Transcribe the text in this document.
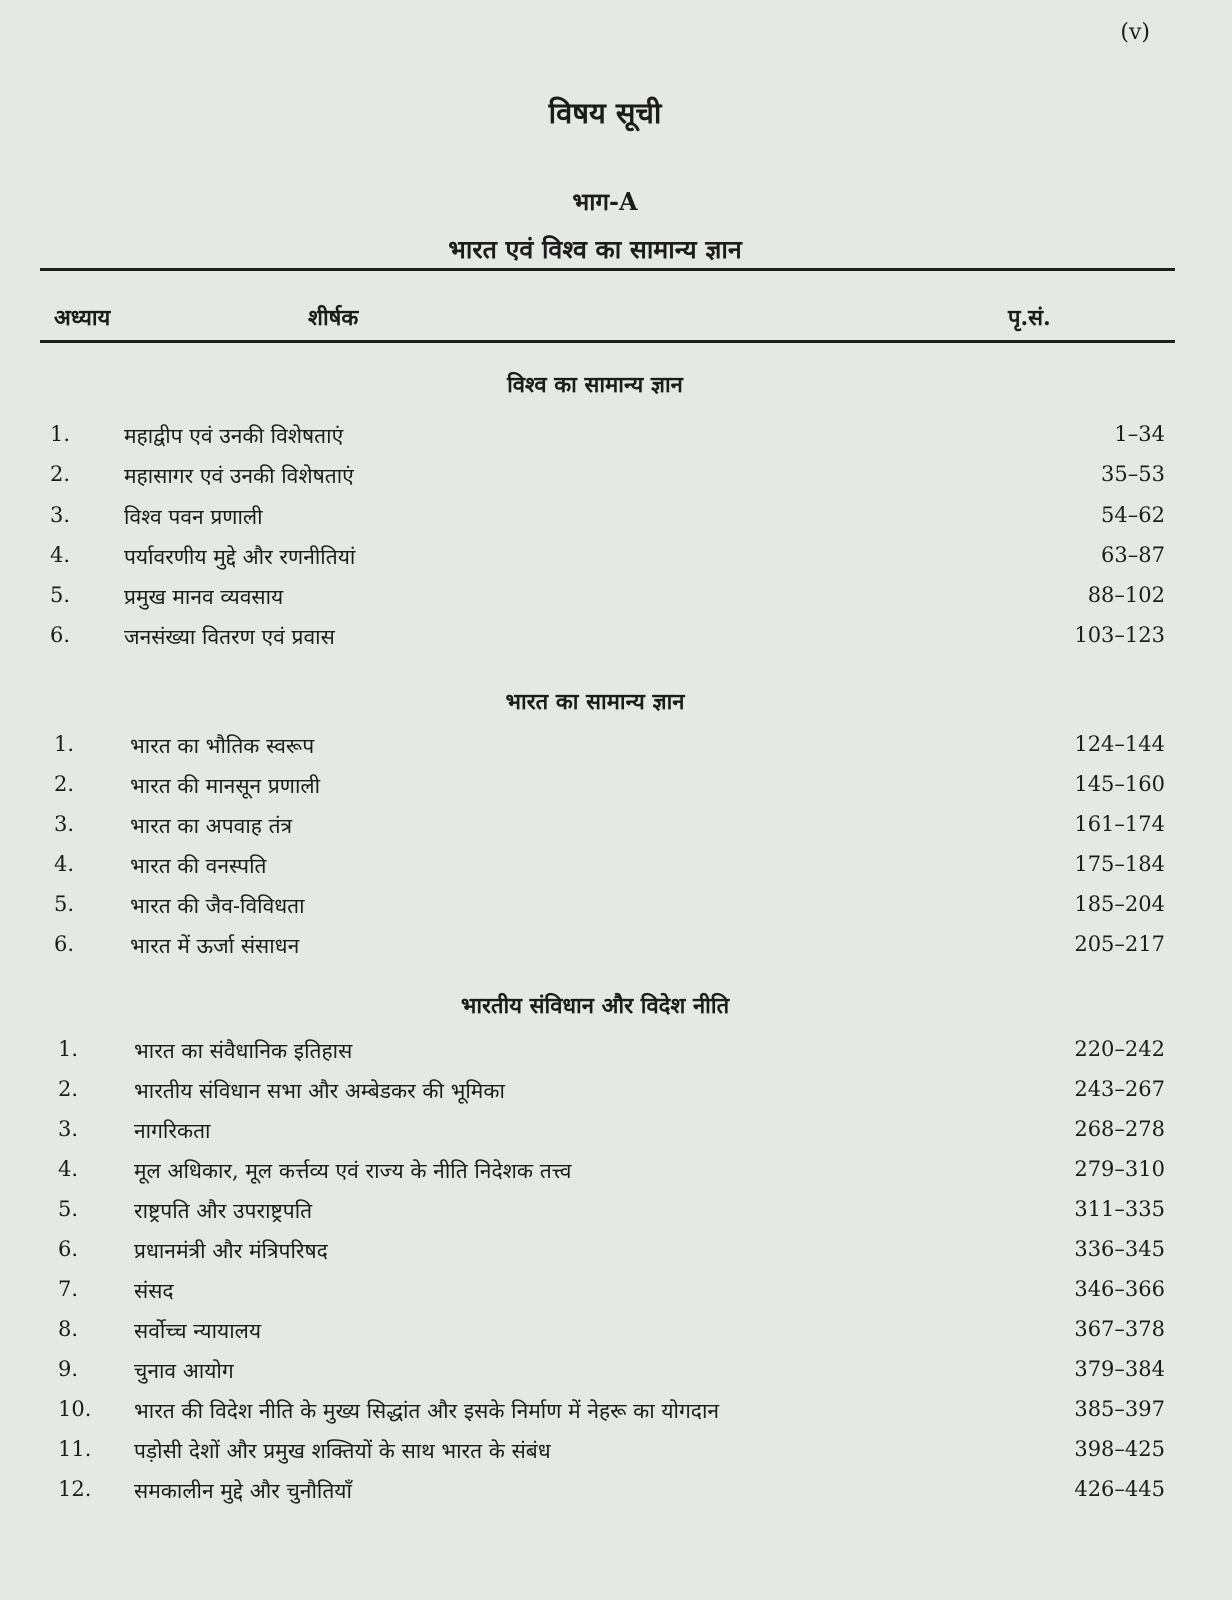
(v)
विषय सूची
भाग-A
भारत एवं विश्व का सामान्य ज्ञान
अध्याय	शीर्षक	पृ.सं.
विश्व का सामान्य ज्ञान
1.	महाद्वीप एवं उनकी विशेषताएं	1–34
2.	महासागर एवं उनकी विशेषताएं	35–53
3.	विश्व पवन प्रणाली	54–62
4.	पर्यावरणीय मुद्दे और रणनीतियां	63–87
5.	प्रमुख मानव व्यवसाय	88–102
6.	जनसंख्या वितरण एवं प्रवास	103–123
भारत का सामान्य ज्ञान
1.	भारत का भौतिक स्वरूप	124–144
2.	भारत की मानसून प्रणाली	145–160
3.	भारत का अपवाह तंत्र	161–174
4.	भारत की वनस्पति	175–184
5.	भारत की जैव-विविधता	185–204
6.	भारत में ऊर्जा संसाधन	205–217
भारतीय संविधान और विदेश नीति
1.	भारत का संवैधानिक इतिहास	220–242
2.	भारतीय संविधान सभा और अम्बेडकर की भूमिका	243–267
3.	नागरिकता	268–278
4.	मूल अधिकार, मूल कर्त्तव्य एवं राज्य के नीति निदेशक तत्त्व	279–310
5.	राष्ट्रपति और उपराष्ट्रपति	311–335
6.	प्रधानमंत्री और मंत्रिपरिषद	336–345
7.	संसद	346–366
8.	सर्वोच्च न्यायालय	367–378
9.	चुनाव आयोग	379–384
10. भारत की विदेश नीति के मुख्य सिद्धांत और इसके निर्माण में नेहरू का योगदान	385–397
11. पड़ोसी देशों और प्रमुख शक्तियों के साथ भारत के संबंध	398–425
12. समकालीन मुद्दे और चुनौतियाँ	426–445
